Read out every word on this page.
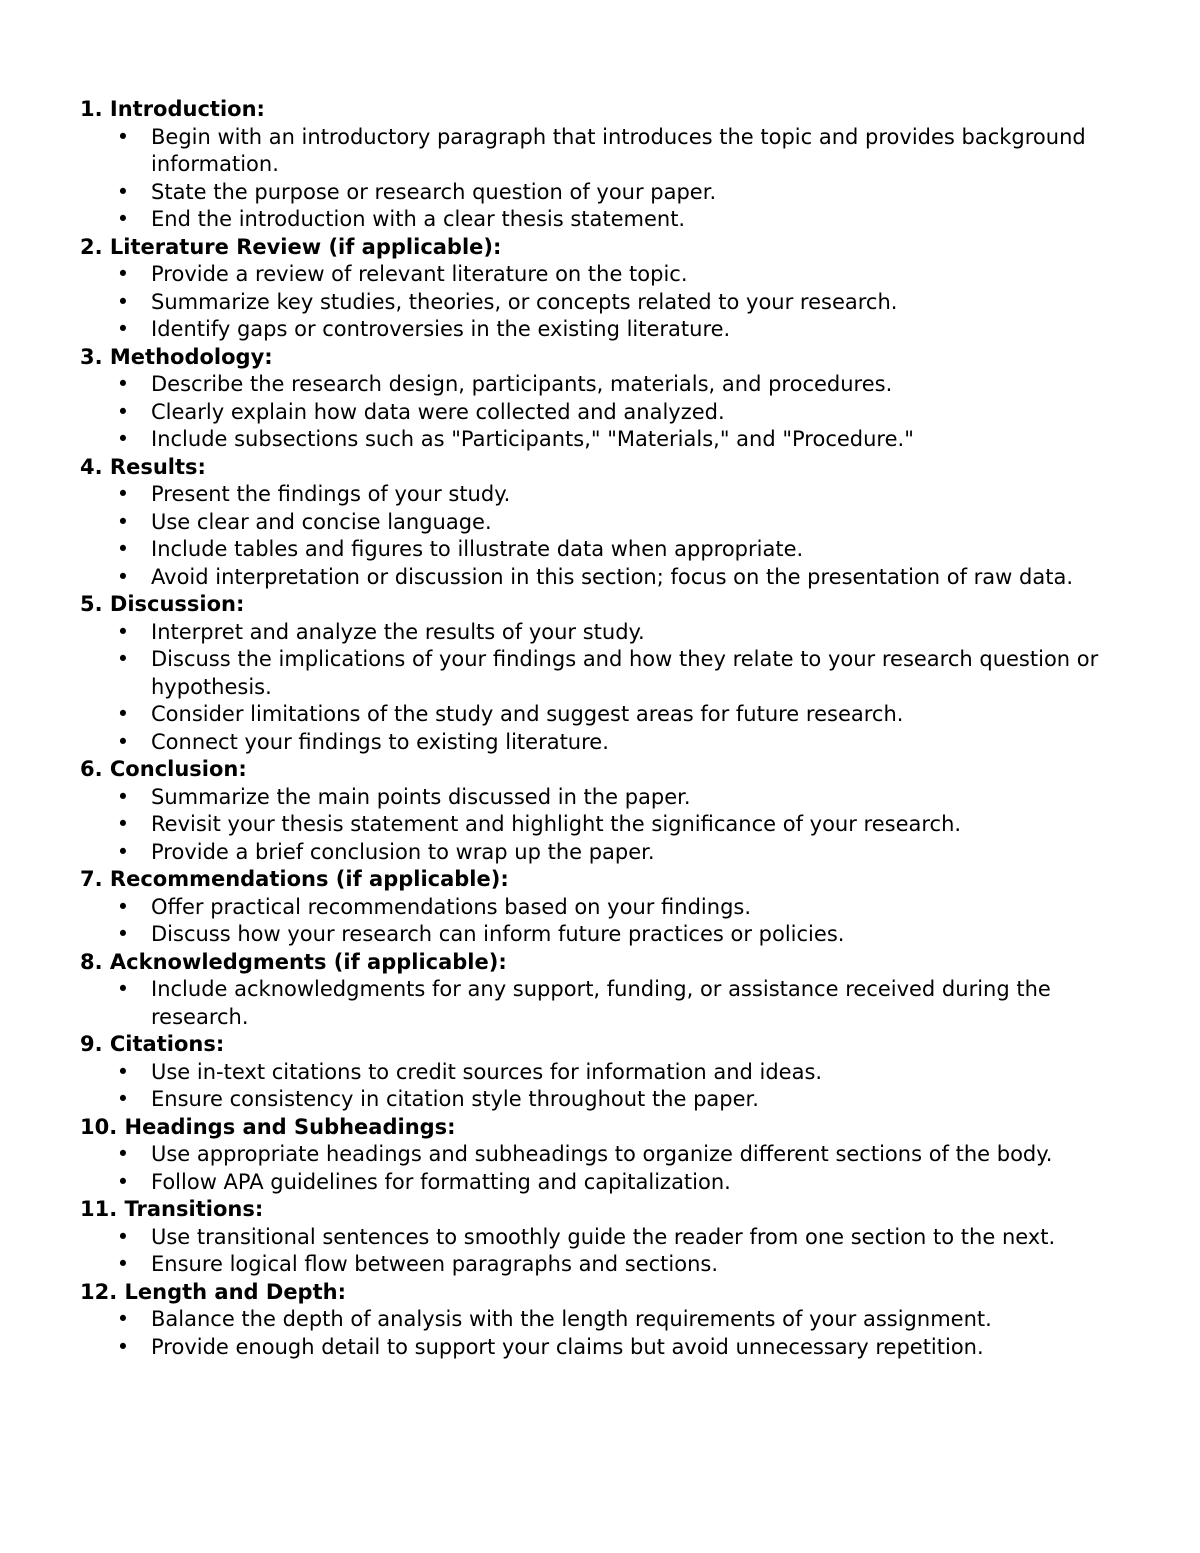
1. Introduction:
• Begin with an introductory paragraph that introduces the topic and provides background information.
• State the purpose or research question of your paper.
• End the introduction with a clear thesis statement.
2. Literature Review (if applicable):
• Provide a review of relevant literature on the topic.
• Summarize key studies, theories, or concepts related to your research.
• Identify gaps or controversies in the existing literature.
3. Methodology:
• Describe the research design, participants, materials, and procedures.
• Clearly explain how data were collected and analyzed.
• Include subsections such as "Participants," "Materials," and "Procedure."
4. Results:
• Present the findings of your study.
• Use clear and concise language.
• Include tables and figures to illustrate data when appropriate.
• Avoid interpretation or discussion in this section; focus on the presentation of raw data.
5. Discussion:
• Interpret and analyze the results of your study.
• Discuss the implications of your findings and how they relate to your research question or hypothesis.
• Consider limitations of the study and suggest areas for future research.
• Connect your findings to existing literature.
6. Conclusion:
• Summarize the main points discussed in the paper.
• Revisit your thesis statement and highlight the significance of your research.
• Provide a brief conclusion to wrap up the paper.
7. Recommendations (if applicable):
• Offer practical recommendations based on your findings.
• Discuss how your research can inform future practices or policies.
8. Acknowledgments (if applicable):
• Include acknowledgments for any support, funding, or assistance received during the research.
9. Citations:
• Use in-text citations to credit sources for information and ideas.
• Ensure consistency in citation style throughout the paper.
10. Headings and Subheadings:
• Use appropriate headings and subheadings to organize different sections of the body.
• Follow APA guidelines for formatting and capitalization.
11. Transitions:
• Use transitional sentences to smoothly guide the reader from one section to the next.
• Ensure logical flow between paragraphs and sections.
12. Length and Depth:
• Balance the depth of analysis with the length requirements of your assignment.
• Provide enough detail to support your claims but avoid unnecessary repetition.
